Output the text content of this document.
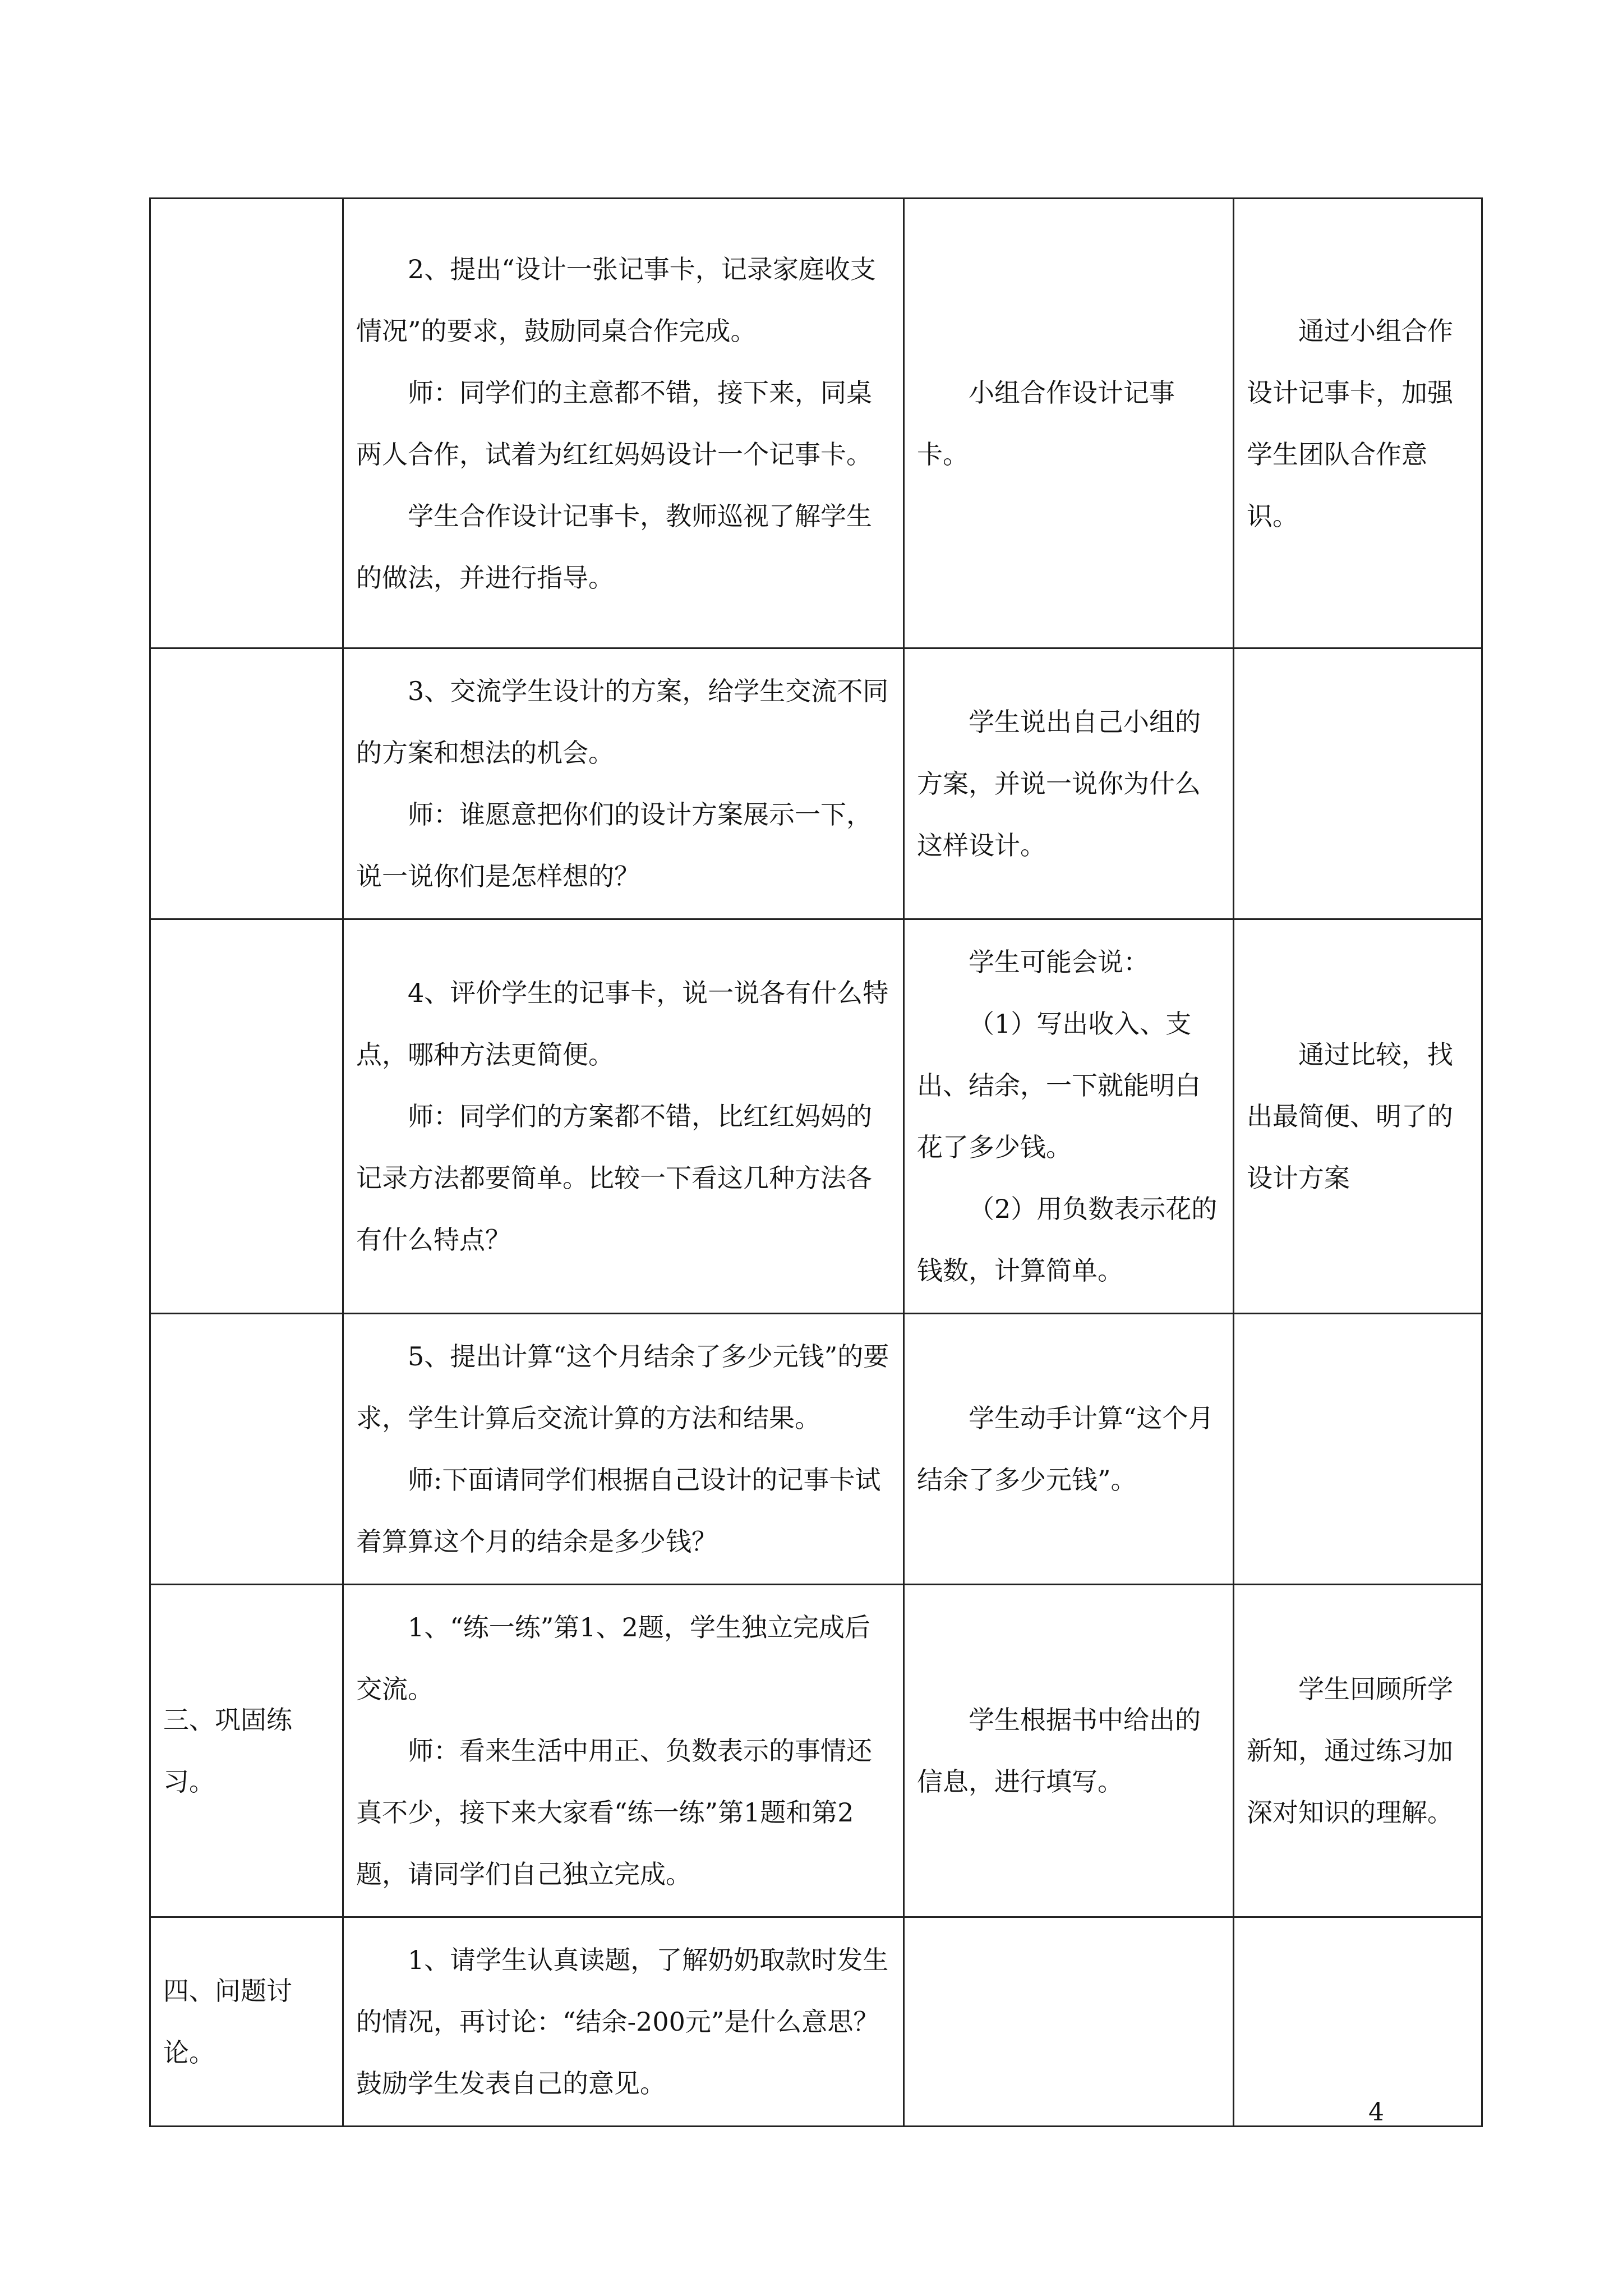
	2、提出“设计一张记事卡，记录家庭收支情况”的要求，鼓励同桌合作完成。
师：同学们的主意都不错，接下来，同桌两人合作，试着为红红妈妈设计一个记事卡。
学生合作设计记事卡，教师巡视了解学生的做法，并进行指导。	小组合作设计记事卡。	通过小组合作设计记事卡，加强学生团队合作意识。

	3、交流学生设计的方案，给学生交流不同的方案和想法的机会。
师：谁愿意把你们的设计方案展示一下，说一说你们是怎样想的？	学生说出自己小组的方案，并说一说你为什么这样设计。	

	4、评价学生的记事卡，说一说各有什么特点，哪种方法更简便。
师：同学们的方案都不错，比红红妈妈的记录方法都要简单。比较一下看这几种方法各有什么特点？	学生可能会说：
（1）写出收入、支出、结余，一下就能明白花了多少钱。
（2）用负数表示花的钱数，计算简单。	通过比较，找出最简便、明了的设计方案

	5、提出计算“这个月结余了多少元钱”的要求，学生计算后交流计算的方法和结果。
师:下面请同学们根据自己设计的记事卡试着算算这个月的结余是多少钱？	学生动手计算“这个月结余了多少元钱”。	

三、巩固练习。	1、“练一练”第1、2题，学生独立完成后交流。
师：看来生活中用正、负数表示的事情还真不少，接下来大家看“练一练”第1题和第2题，请同学们自己独立完成。	学生根据书中给出的信息，进行填写。	学生回顾所学新知，通过练习加深对知识的理解。

四、问题讨论。	1、请学生认真读题，了解奶奶取款时发生的情况，再讨论：“结余-200元”是什么意思？鼓励学生发表自己的意见。		

4
